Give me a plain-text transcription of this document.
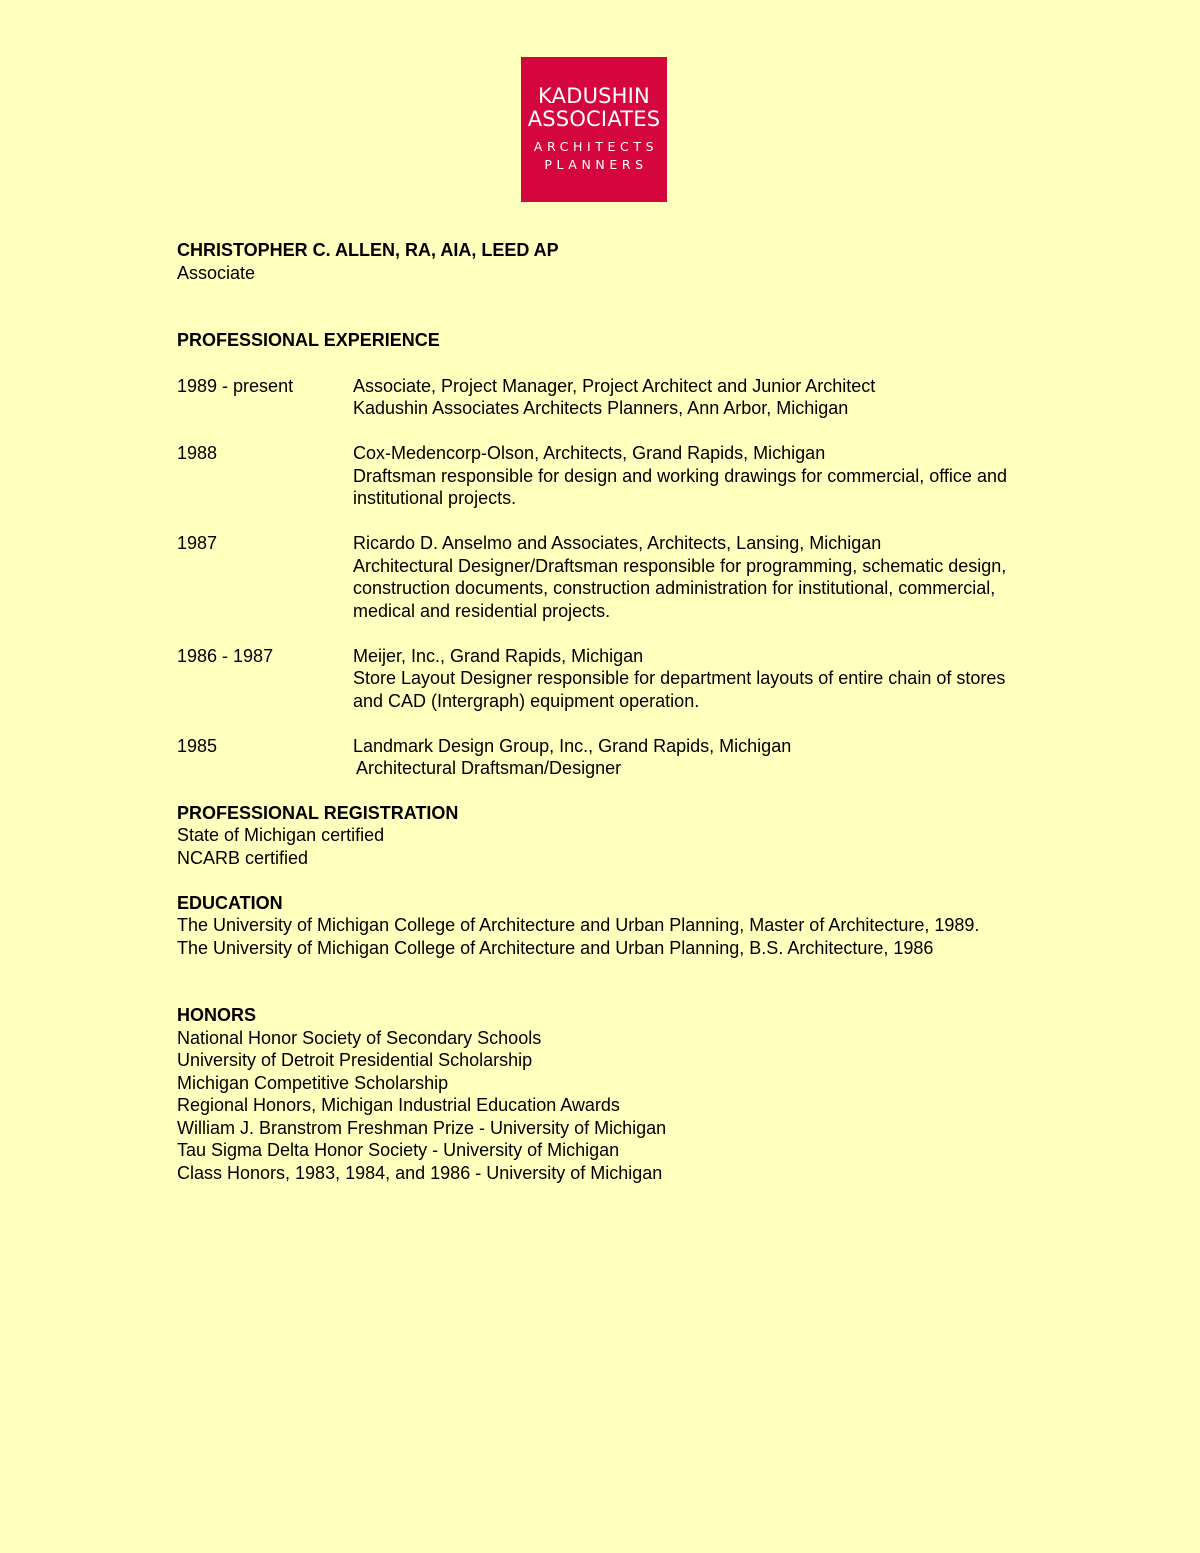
KADUSHIN
ASSOCIATES
ARCHITECTS
PLANNERS
CHRISTOPHER C. ALLEN, RA, AIA, LEED AP
Associate
PROFESSIONAL EXPERIENCE
1989 - present	Associate, Project Manager, Project Architect and Junior Architect
Kadushin Associates Architects Planners, Ann Arbor, Michigan

1988	Cox-Medencorp-Olson, Architects, Grand Rapids, Michigan
Draftsman responsible for design and working drawings for commercial, office and institutional projects.

1987	Ricardo D. Anselmo and Associates, Architects, Lansing, Michigan
Architectural Designer/Draftsman responsible for programming, schematic design, construction documents, construction administration for institutional, commercial, medical and residential projects.

1986 - 1987	Meijer, Inc., Grand Rapids, Michigan
Store Layout Designer responsible for department layouts of entire chain of stores and CAD (Intergraph) equipment operation.

1985	Landmark Design Group, Inc., Grand Rapids, Michigan
Architectural Draftsman/Designer
PROFESSIONAL REGISTRATION
State of Michigan certified
NCARB certified
EDUCATION
The University of Michigan College of Architecture and Urban Planning, Master of Architecture, 1989.
The University of Michigan College of Architecture and Urban Planning, B.S. Architecture, 1986
HONORS
National Honor Society of Secondary Schools
University of Detroit Presidential Scholarship
Michigan Competitive Scholarship
Regional Honors, Michigan Industrial Education Awards
William J. Branstrom Freshman Prize - University of Michigan
Tau Sigma Delta Honor Society - University of Michigan
Class Honors, 1983, 1984, and 1986 - University of Michigan
